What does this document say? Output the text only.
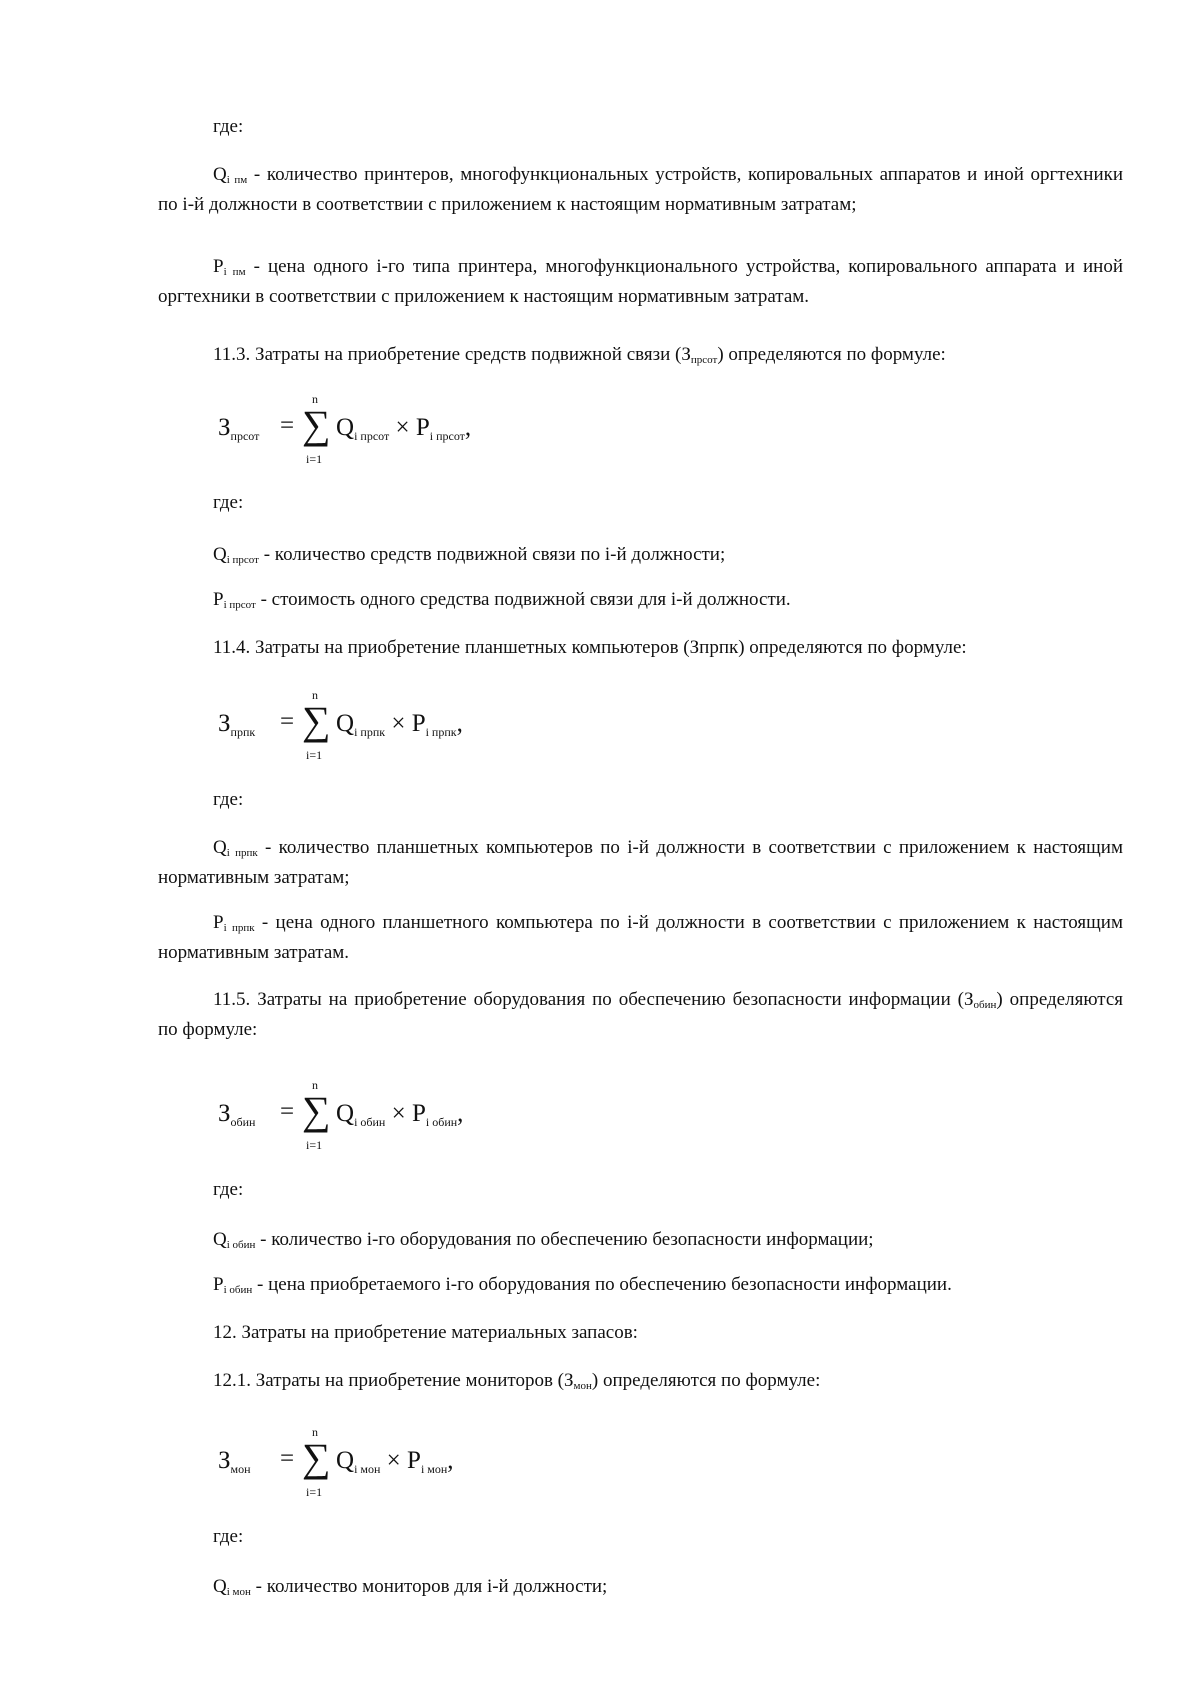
где:
$Q_{i пм}$ - количество принтеров, многофункциональных устройств, копировальных аппаратов и иной оргтехники по i-й должности в соответствии с приложением к настоящим нормативным затратам;
$P_{i пм}$ - цена одного i-го типа принтера, многофункционального устройства, копировального аппарата и иной оргтехники в соответствии с приложением к настоящим нормативным затратам.
11.3. Затраты на приобретение средств подвижной связи $(З_{прсот})$ определяются по формуле:
$З_{прсот}$ =
n
∑
i=1
$Q_{i прсот} \times P_{i прсот}$,
где:
$Q_{i прсот}$ - количество средств подвижной связи по i-й должности;
$P_{i прсот}$ - стоимость одного средства подвижной связи для i-й должности.
11.4. Затраты на приобретение планшетных компьютеров (Зпрпк) определяются по формуле:
$З_{прпк}$ =
n
∑
i=1
$Q_{i прпк} \times P_{i прпк}$,
где:
$Q_{i прпк}$ - количество планшетных компьютеров по i-й должности в соответствии с приложением к настоящим нормативным затратам;
$P_{i прпк}$ - цена одного планшетного компьютера по i-й должности в соответствии с приложением к настоящим нормативным затратам.
11.5. Затраты на приобретение оборудования по обеспечению безопасности информации $(З_{обин})$ определяются по формуле:
$З_{обин}$ =
n
∑
i=1
$Q_{i обин} \times P_{i обин}$,
где:
$Q_{i обин}$ - количество i-го оборудования по обеспечению безопасности информации;
$P_{i обин}$ - цена приобретаемого i-го оборудования по обеспечению безопасности информации.
12. Затраты на приобретение материальных запасов:
12.1. Затраты на приобретение мониторов $(З_{мон})$ определяются по формуле:
$З_{мон}$ =
n
∑
i=1
$Q_{i мон} \times P_{i мон}$,
где:
$Q_{i мон}$ - количество мониторов для i-й должности;
